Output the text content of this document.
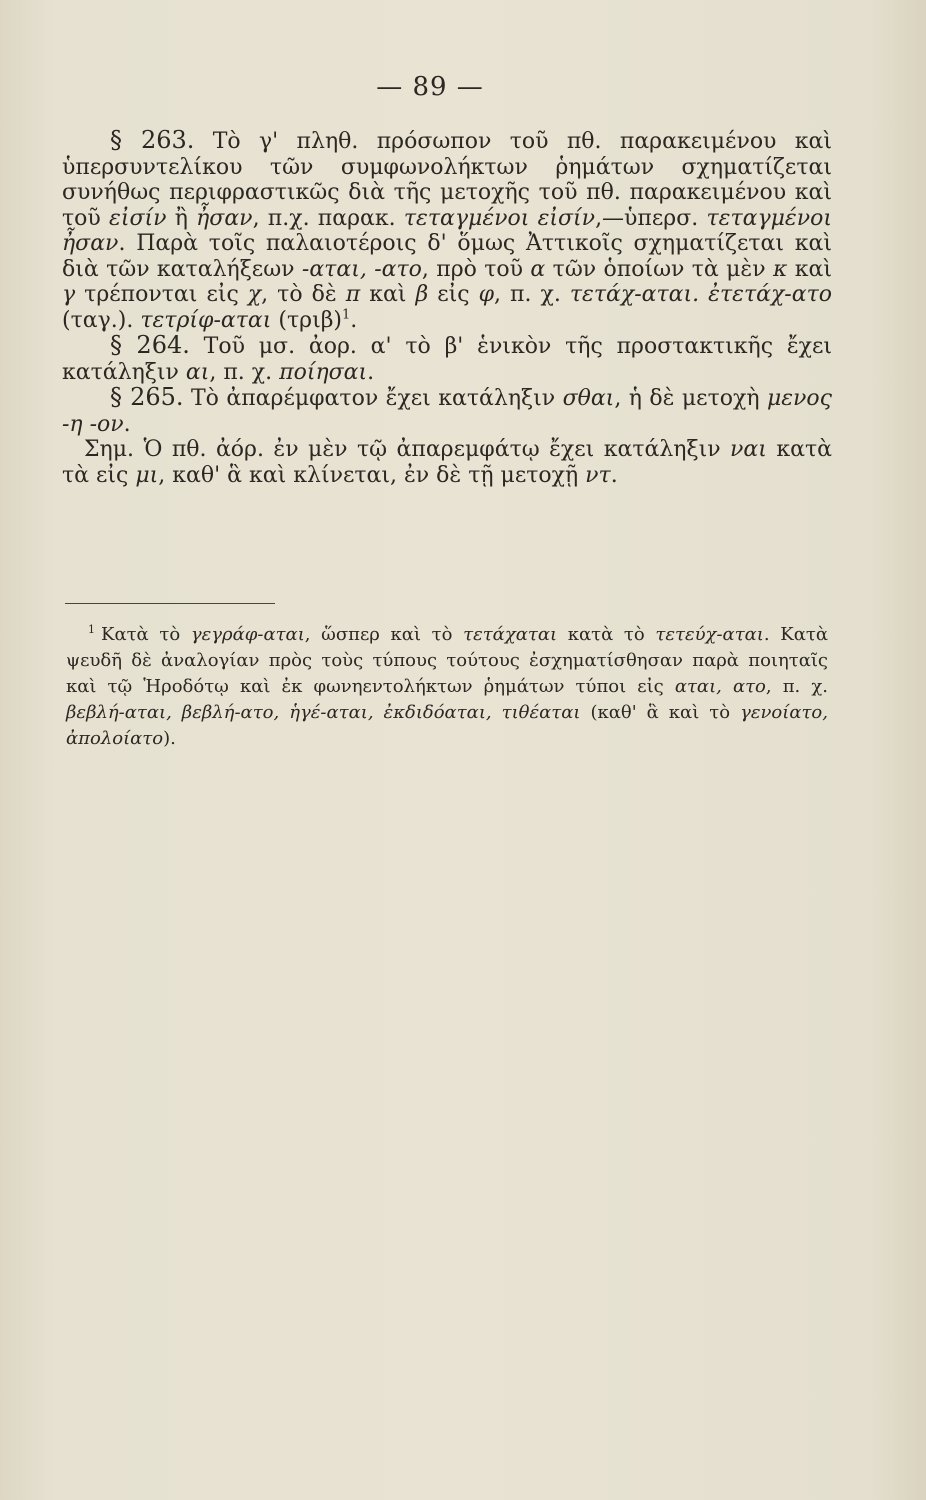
— 89 —

§ 263. Τὸ γ' πληθ. πρόσωπον τοῦ πθ. παρακειμένου καὶ ὑπερσυντελίκου τῶν συμφωνολήκτων ῥημάτων σχηματίζεται συνήθως περιφραστικῶς διὰ τῆς μετοχῆς τοῦ πθ. παρακειμένου καὶ τοῦ εἰσίν ἢ ἦσαν, π.χ. παρακ. τεταγμένοι εἰσίν,—ὑπερσ. τεταγμένοι ἦσαν. Παρὰ τοῖς παλαιοτέροις δ' ὅμως Ἀττικοῖς σχηματίζεται καὶ διὰ τῶν καταλήξεων -αται, -ατο, πρὸ τοῦ α τῶν ὁποίων τὰ μὲν κ καὶ γ τρέπονται εἰς χ, τὸ δὲ π καὶ β εἰς φ, π. χ. τετάχ-αται. ἐτετάχ-ατο (ταγ.). τετρίφ-αται $(\tau\rho\iota\beta)^1$.

§ 264. Τοῦ μσ. ἀορ. α' τὸ β' ἑνικὸν τῆς προστακτικῆς ἔχει κατάληξιν αι, π. χ. ποίησαι.

§ 265. Τὸ ἀπαρέμφατον ἔχει κατάληξιν σθαι, ἡ δὲ μετοχὴ μενος -η -ον.

Σημ. Ὁ πθ. ἀόρ. ἐν μὲν τῷ ἀπαρεμφάτῳ ἔχει κατάληξιν ναι κατὰ τὰ εἰς μι, καθ' ἃ καὶ κλίνεται, ἐν δὲ τῇ μετοχῇ ντ.

$^1$ Κατὰ τὸ γεγράφ-αται, ὥσπερ καὶ τὸ τετάχαται κατὰ τὸ τετεύχ-αται. Κατὰ ψευδῆ δὲ ἀναλογίαν πρὸς τοὺς τύπους τούτους ἐσχηματίσθησαν παρὰ ποιηταῖς καὶ τῷ Ἡροδότῳ καὶ ἐκ φωνηεντολήκτων ῥημάτων τύποι εἰς αται, ατο, π. χ. βεβλή-αται, βεβλή-ατο, ἡγέ-αται, ἐκδιδόαται, τιθέαται (καθ' ἃ καὶ τὸ γενοίατο, ἀπολοίατο).
